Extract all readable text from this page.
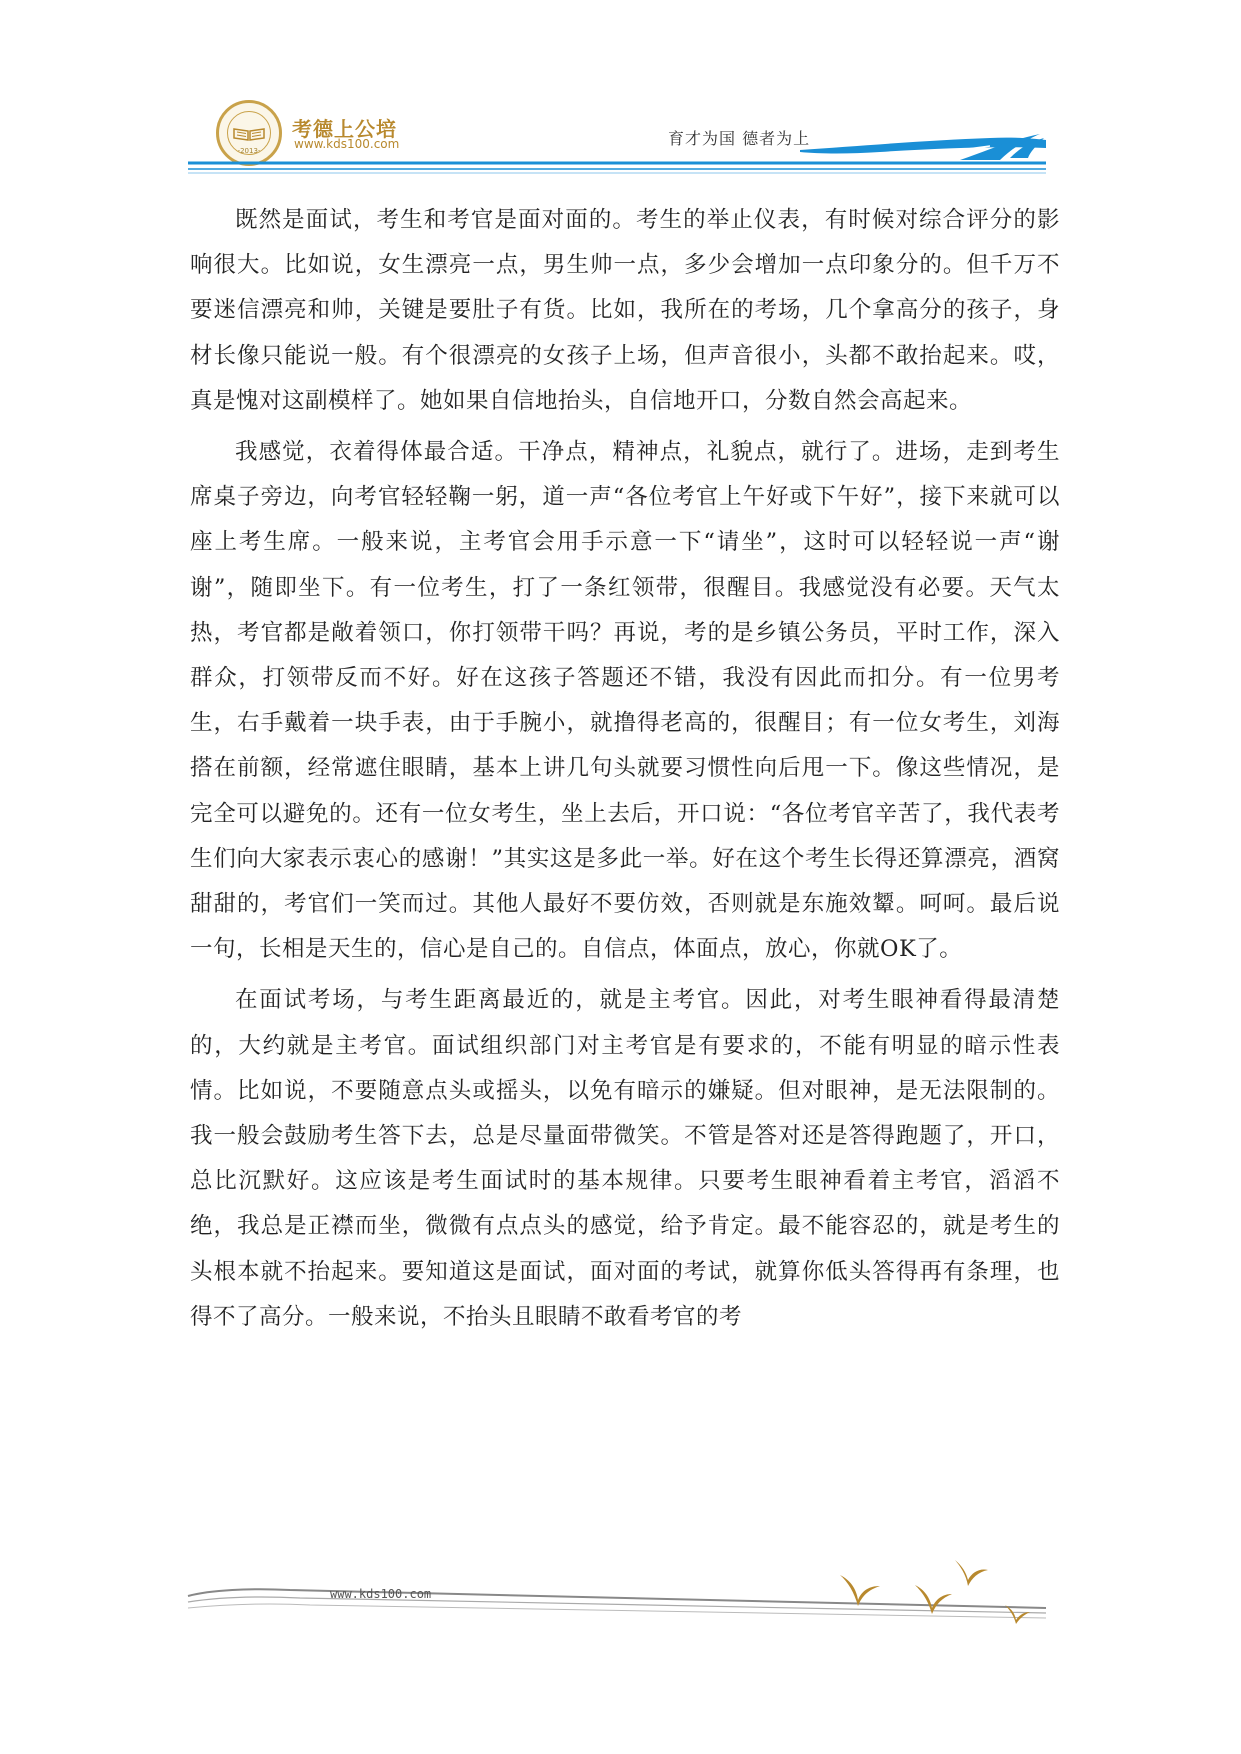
-2013-
考德上公培
www.kds100.com	育才为国 德者为上

既然是面试，考生和考官是面对面的。考生的举止仪表，有时候对综合评分的影响很大。比如说，女生漂亮一点，男生帅一点，多少会增加一点印象分的。但千万不要迷信漂亮和帅，关键是要肚子有货。比如，我所在的考场，几个拿高分的孩子，身材长像只能说一般。有个很漂亮的女孩子上场，但声音很小，头都不敢抬起来。哎，真是愧对这副模样了。她如果自信地抬头，自信地开口，分数自然会高起来。

我感觉，衣着得体最合适。干净点，精神点，礼貌点，就行了。进场，走到考生席桌子旁边，向考官轻轻鞠一躬，道一声“各位考官上午好或下午好”，接下来就可以座上考生席。一般来说，主考官会用手示意一下“请坐”，这时可以轻轻说一声“谢谢”，随即坐下。有一位考生，打了一条红领带，很醒目。我感觉没有必要。天气太热，考官都是敞着领口，你打领带干吗？再说，考的是乡镇公务员，平时工作，深入群众，打领带反而不好。好在这孩子答题还不错，我没有因此而扣分。有一位男考生，右手戴着一块手表，由于手腕小，就撸得老高的，很醒目；有一位女考生，刘海搭在前额，经常遮住眼睛，基本上讲几句头就要习惯性向后甩一下。像这些情况，是完全可以避免的。还有一位女考生，坐上去后，开口说：“各位考官辛苦了，我代表考生们向大家表示衷心的感谢！”其实这是多此一举。好在这个考生长得还算漂亮，酒窝甜甜的，考官们一笑而过。其他人最好不要仿效，否则就是东施效颦。呵呵。最后说一句，长相是天生的，信心是自己的。自信点，体面点，放心，你就OK了。

在面试考场，与考生距离最近的，就是主考官。因此，对考生眼神看得最清楚的，大约就是主考官。面试组织部门对主考官是有要求的，不能有明显的暗示性表情。比如说，不要随意点头或摇头，以免有暗示的嫌疑。但对眼神，是无法限制的。我一般会鼓励考生答下去，总是尽量面带微笑。不管是答对还是答得跑题了，开口，总比沉默好。这应该是考生面试时的基本规律。只要考生眼神看着主考官，滔滔不绝，我总是正襟而坐，微微有点点头的感觉，给予肯定。最不能容忍的，就是考生的头根本就不抬起来。要知道这是面试，面对面的考试，就算你低头答得再有条理，也得不了高分。一般来说，不抬头且眼睛不敢看考官的考

www.kds100.com
